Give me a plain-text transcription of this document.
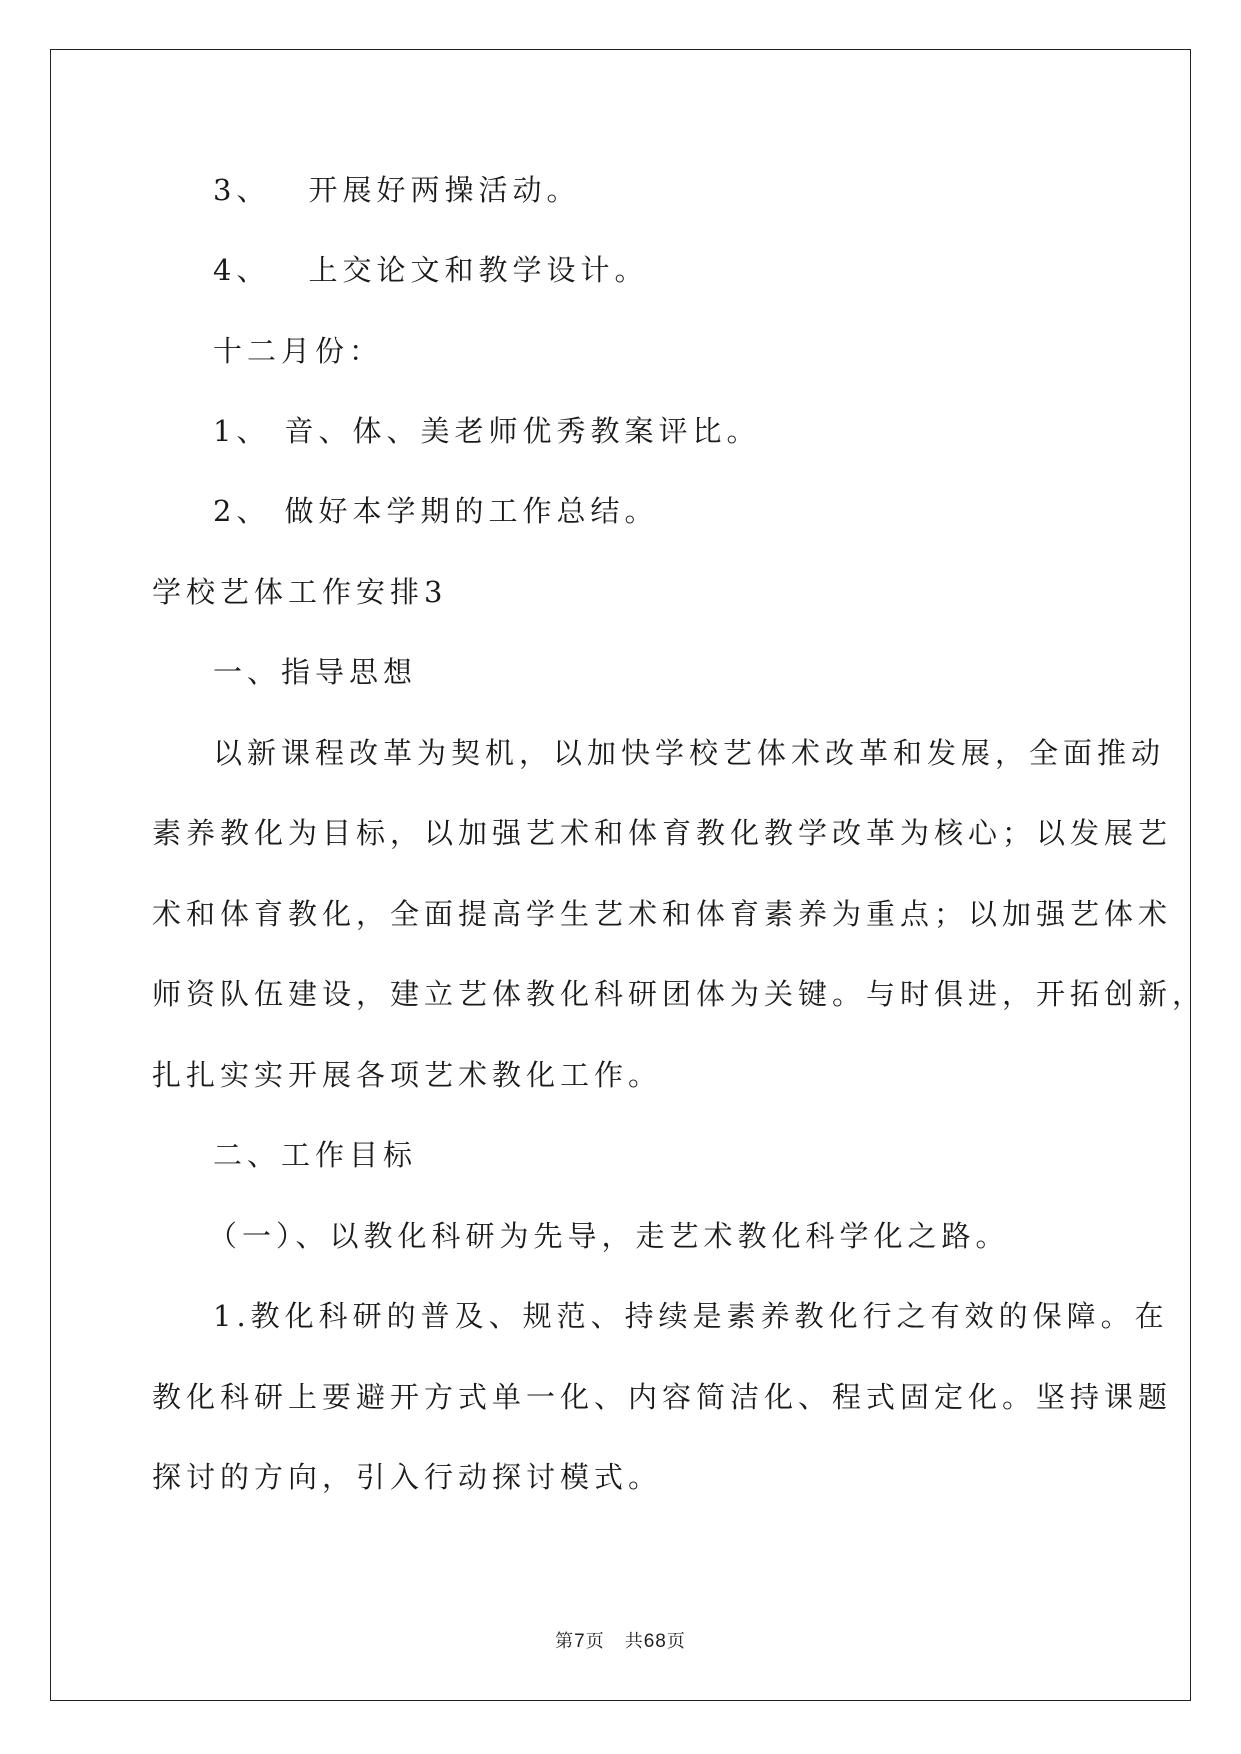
3、 开展好两操活动。
4、 上交论文和教学设计。
十二月份：
1、 音、体、美老师优秀教案评比。
2、 做好本学期的工作总结。
学校艺体工作安排3
一、指导思想
以新课程改革为契机，以加快学校艺体术改革和发展，全面推动
素养教化为目标，以加强艺术和体育教化教学改革为核心；以发展艺
术和体育教化，全面提高学生艺术和体育素养为重点；以加强艺体术
师资队伍建设，建立艺体教化科研团体为关键。与时俱进，开拓创新，
扎扎实实开展各项艺术教化工作。
二、工作目标
（一）、以教化科研为先导，走艺术教化科学化之路。
1.教化科研的普及、规范、持续是素养教化行之有效的保障。在
教化科研上要避开方式单一化、内容简洁化、程式固定化。坚持课题
探讨的方向，引入行动探讨模式。
第7页 共68页
